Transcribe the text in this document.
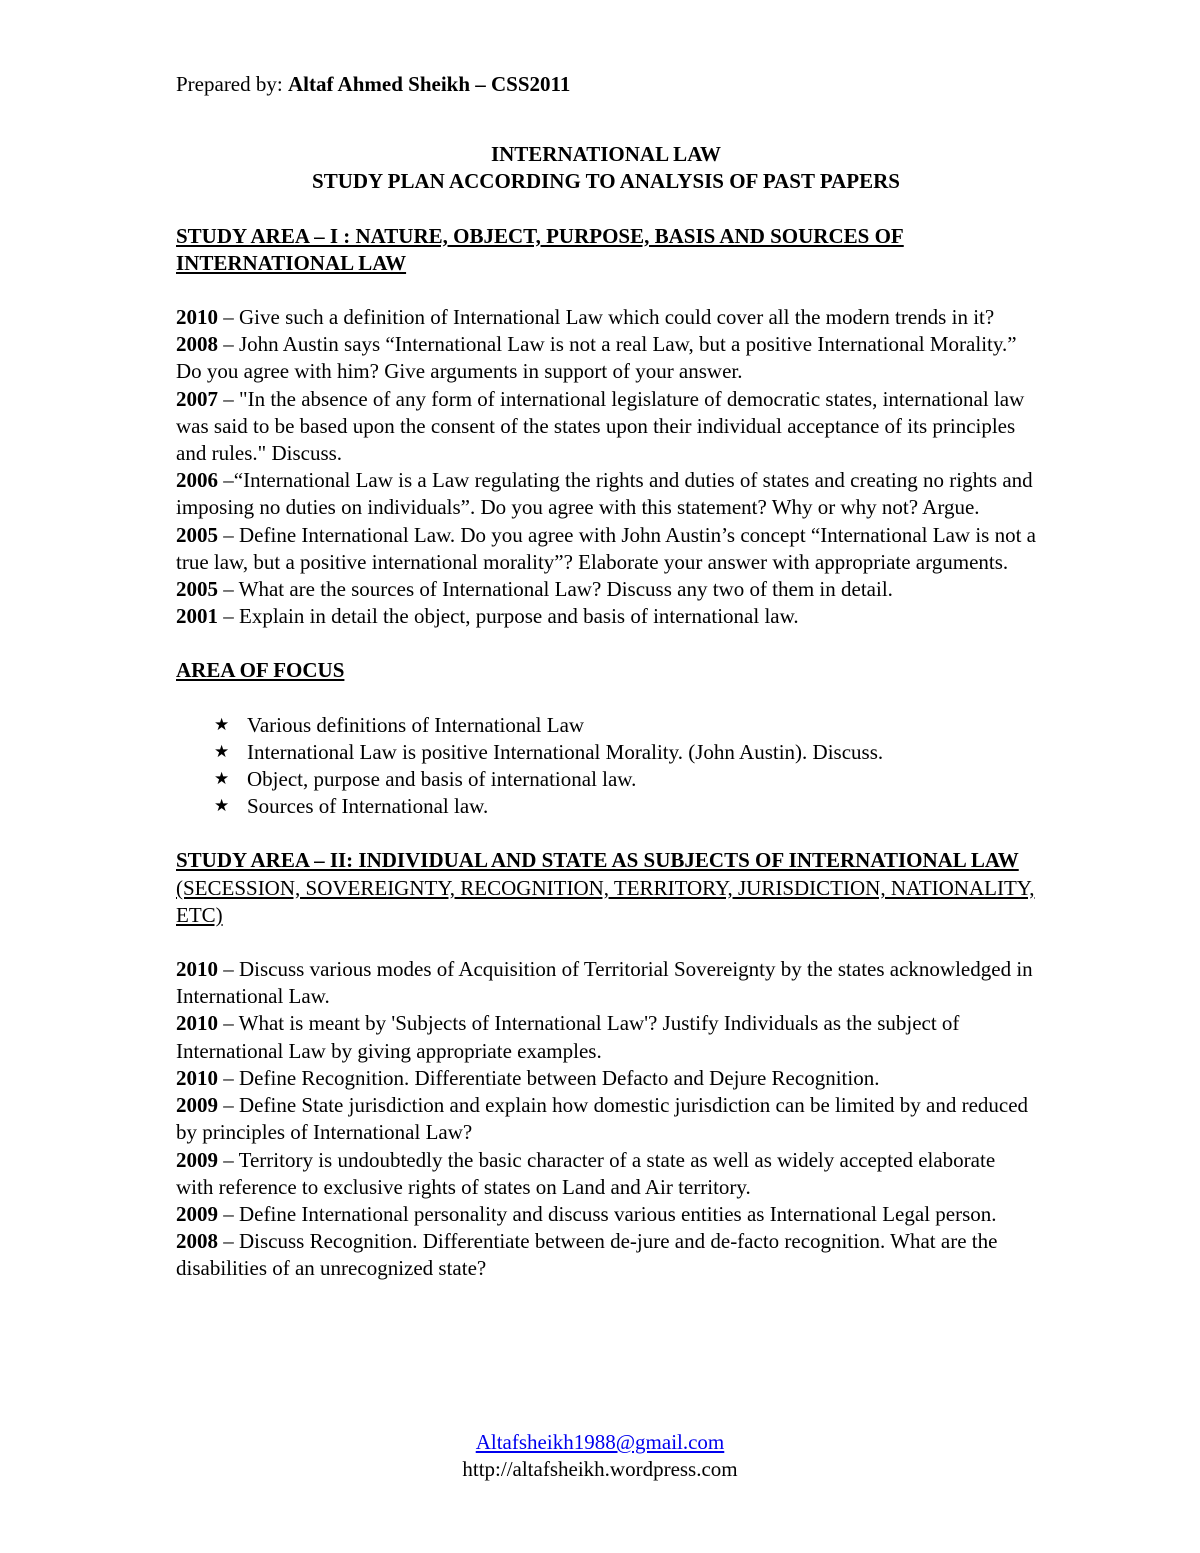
Prepared by: Altaf Ahmed Sheikh – CSS2011
INTERNATIONAL LAW
STUDY PLAN ACCORDING TO ANALYSIS OF PAST PAPERS
STUDY AREA – I : NATURE, OBJECT, PURPOSE, BASIS AND SOURCES OF INTERNATIONAL LAW
2010 – Give such a definition of International Law which could cover all the modern trends in it?
2008 – John Austin says “International Law is not a real Law, but a positive International Morality.” Do you agree with him? Give arguments in support of your answer.
2007 – "In the absence of any form of international legislature of democratic states, international law was said to be based upon the consent of the states upon their individual acceptance of its principles and rules." Discuss.
2006 –“International Law is a Law regulating the rights and duties of states and creating no rights and imposing no duties on individuals”. Do you agree with this statement? Why or why not? Argue.
2005 – Define International Law. Do you agree with John Austin’s concept “International Law is not a true law, but a positive international morality”? Elaborate your answer with appropriate arguments.
2005 – What are the sources of International Law? Discuss any two of them in detail.
2001 – Explain in detail the object, purpose and basis of international law.
AREA OF FOCUS
★ Various definitions of International Law
★ International Law is positive International Morality. (John Austin). Discuss.
★ Object, purpose and basis of international law.
★ Sources of International law.
STUDY AREA – II: INDIVIDUAL AND STATE AS SUBJECTS OF INTERNATIONAL LAW (SECESSION, SOVEREIGNTY, RECOGNITION, TERRITORY, JURISDICTION, NATIONALITY, ETC)
2010 – Discuss various modes of Acquisition of Territorial Sovereignty by the states acknowledged in International Law.
2010 – What is meant by 'Subjects of International Law'? Justify Individuals as the subject of International Law by giving appropriate examples.
2010 – Define Recognition. Differentiate between Defacto and Dejure Recognition.
2009 – Define State jurisdiction and explain how domestic jurisdiction can be limited by and reduced by principles of International Law?
2009 – Territory is undoubtedly the basic character of a state as well as widely accepted elaborate with reference to exclusive rights of states on Land and Air territory.
2009 – Define International personality and discuss various entities as International Legal person.
2008 – Discuss Recognition. Differentiate between de-jure and de-facto recognition. What are the disabilities of an unrecognized state?
Altafsheikh1988@gmail.com
http://altafsheikh.wordpress.com
